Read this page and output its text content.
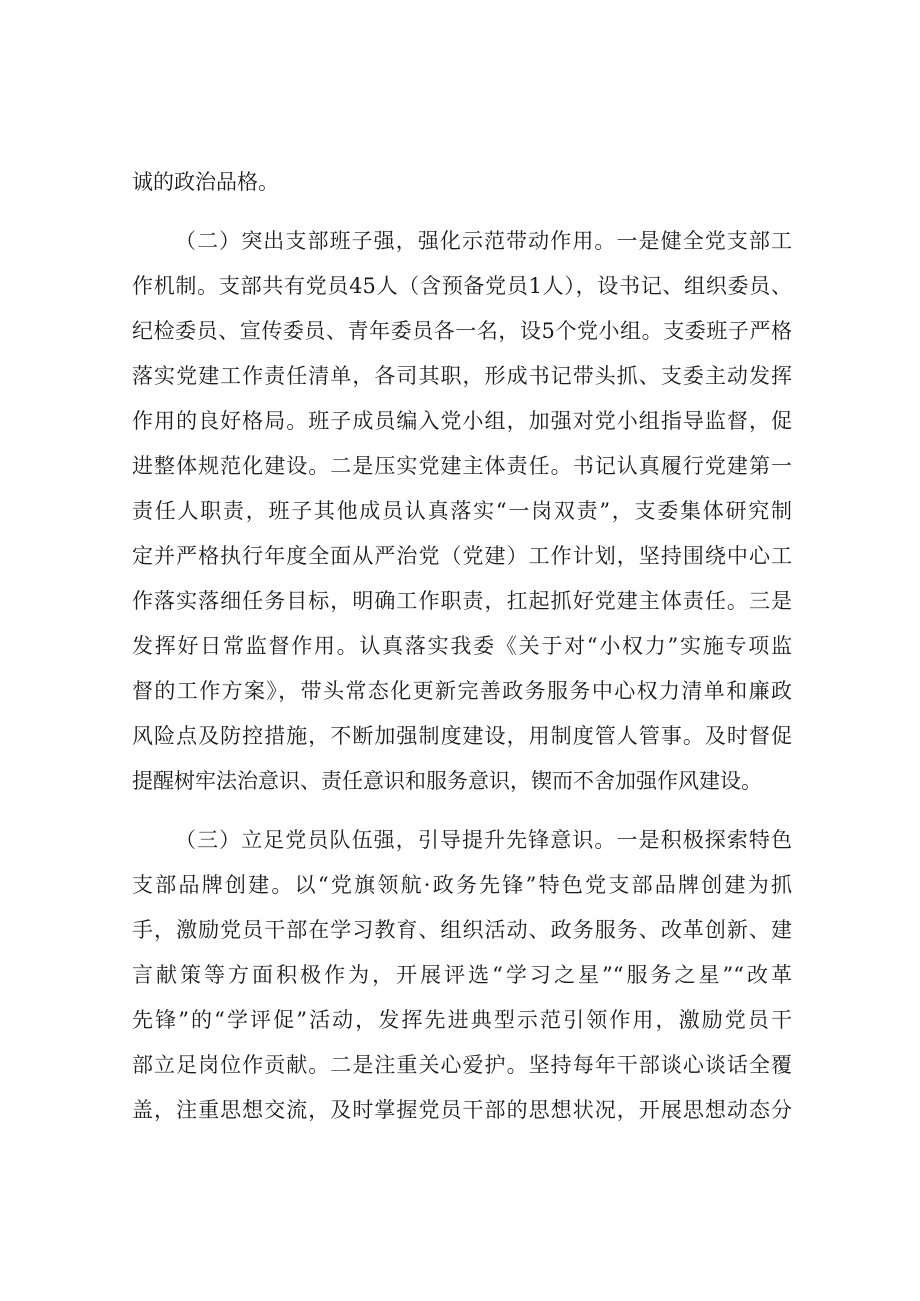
诚的政治品格。
（二）突出支部班子强，强化示范带动作用。一是健全党支部工
作机制。支部共有党员45人（含预备党员1人），设书记、组织委员、
纪检委员、宣传委员、青年委员各一名，设5个党小组。支委班子严格
落实党建工作责任清单，各司其职，形成书记带头抓、支委主动发挥
作用的良好格局。班子成员编入党小组，加强对党小组指导监督，促
进整体规范化建设。二是压实党建主体责任。书记认真履行党建第一
责任人职责，班子其他成员认真落实“一岗双责”，支委集体研究制
定并严格执行年度全面从严治党（党建）工作计划，坚持围绕中心工
作落实落细任务目标，明确工作职责，扛起抓好党建主体责任。三是
发挥好日常监督作用。认真落实我委《关于对“小权力”实施专项监
督的工作方案》，带头常态化更新完善政务服务中心权力清单和廉政
风险点及防控措施，不断加强制度建设，用制度管人管事。及时督促
提醒树牢法治意识、责任意识和服务意识，锲而不舍加强作风建设。
（三）立足党员队伍强，引导提升先锋意识。一是积极探索特色
支部品牌创建。以“党旗领航·政务先锋”特色党支部品牌创建为抓
手，激励党员干部在学习教育、组织活动、政务服务、改革创新、建
言献策等方面积极作为，开展评选“学习之星”“服务之星”“改革
先锋”的“学评促”活动，发挥先进典型示范引领作用，激励党员干
部立足岗位作贡献。二是注重关心爱护。坚持每年干部谈心谈话全覆
盖，注重思想交流，及时掌握党员干部的思想状况，开展思想动态分
